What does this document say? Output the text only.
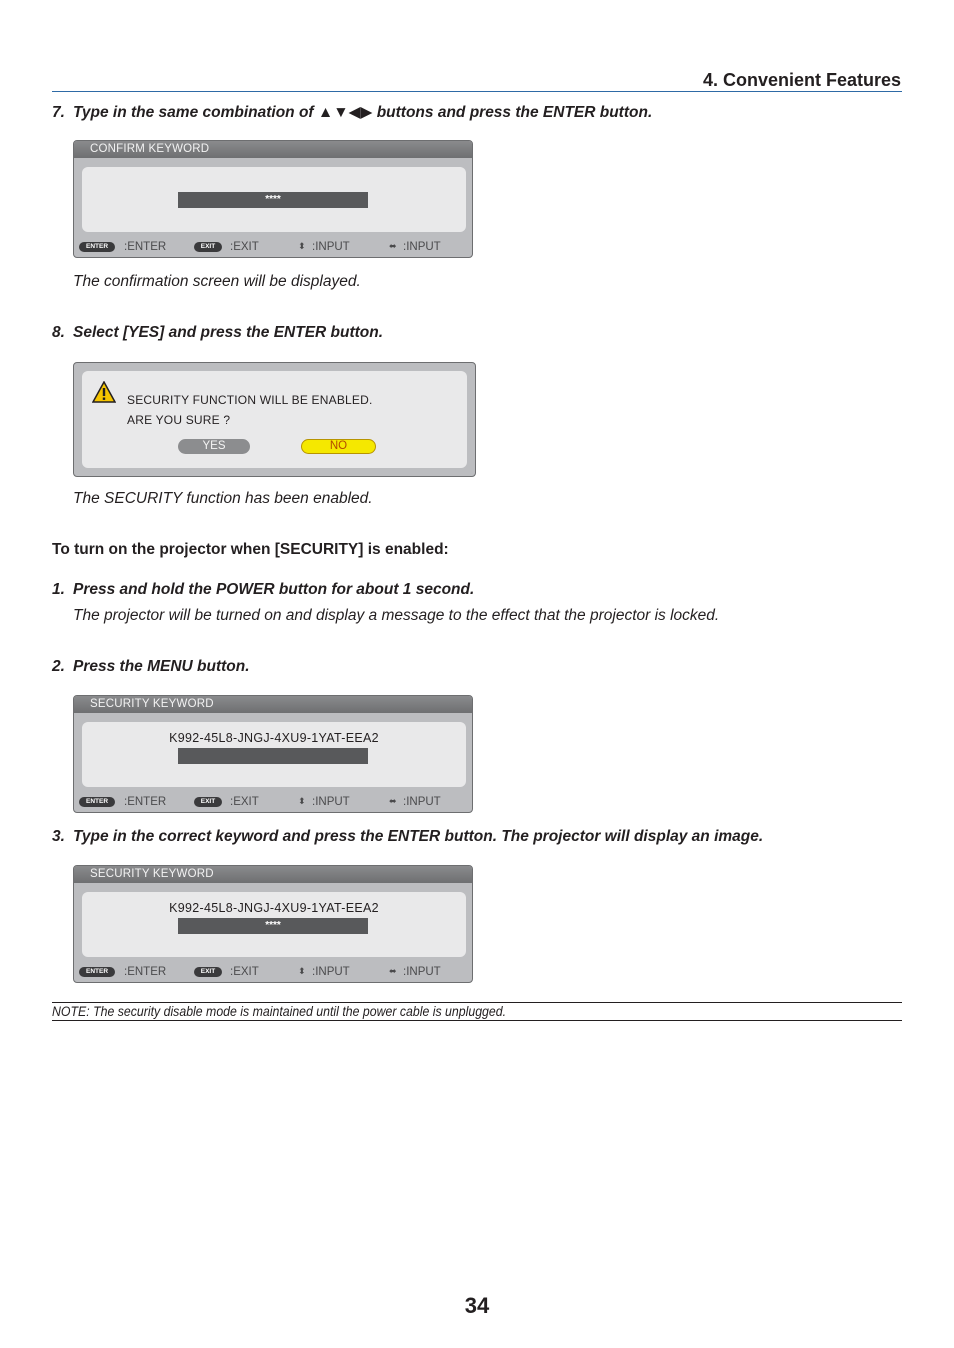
4. Convenient Features
7. Type in the same combination of ▲▼◀▶ buttons and press the ENTER button.
CONFIRM KEYWORD
****
ENTER	:ENTER	EXIT	:EXIT	⬍ :INPUT	⬌ :INPUT
The confirmation screen will be displayed.
8. Select [YES] and press the ENTER button.
SECURITY FUNCTION WILL BE ENABLED.
ARE YOU SURE ?
YES	NO
The SECURITY function has been enabled.
To turn on the projector when [SECURITY] is enabled:
1. Press and hold the POWER button for about 1 second.
The projector will be turned on and display a message to the effect that the projector is locked.
2. Press the MENU button.
SECURITY KEYWORD
K992-45L8-JNGJ-4XU9-1YAT-EEA2
ENTER	:ENTER	EXIT	:EXIT	⬍ :INPUT	⬌ :INPUT
3. Type in the correct keyword and press the ENTER button. The projector will display an image.
SECURITY KEYWORD
K992-45L8-JNGJ-4XU9-1YAT-EEA2
****
ENTER	:ENTER	EXIT	:EXIT	⬍ :INPUT	⬌ :INPUT
NOTE: The security disable mode is maintained until the power cable is unplugged.
34
